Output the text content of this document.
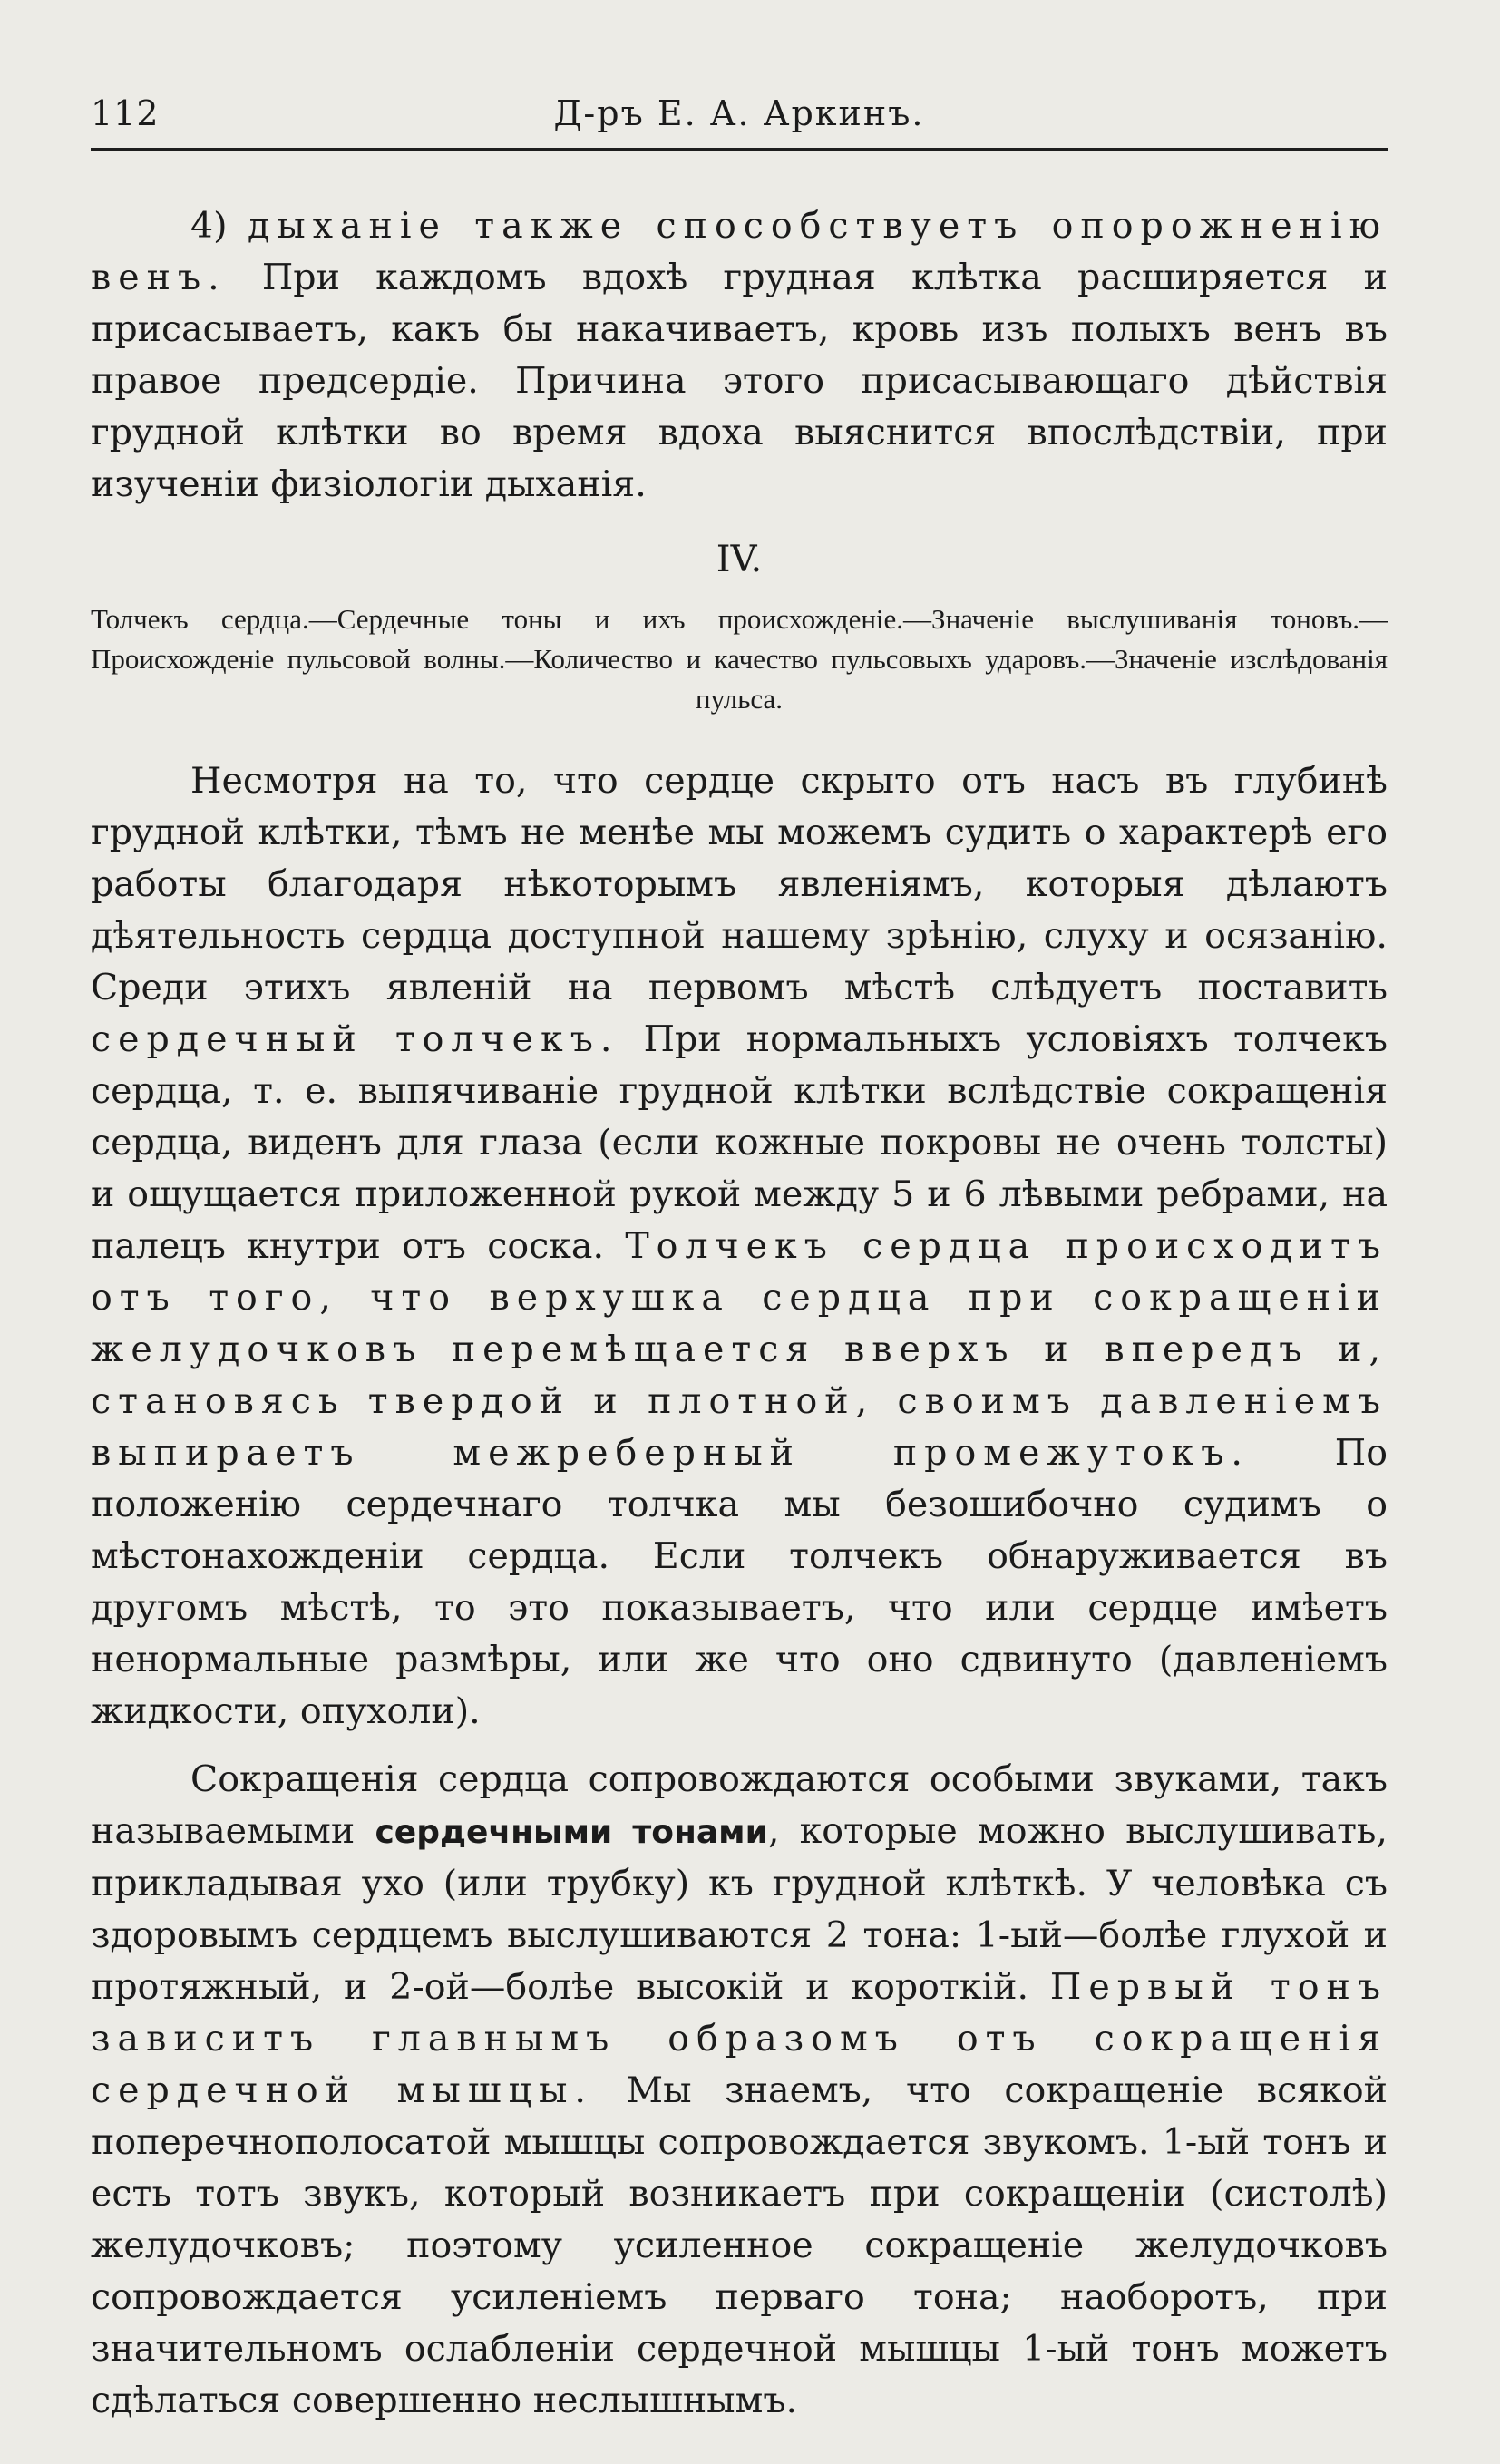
112	Д-ръ Е. А. Аркинъ.

4) дыханіе также способствуетъ опорожненію венъ. При каждомъ вдохѣ грудная клѣтка расширяется и присасываетъ, какъ бы накачиваетъ, кровь изъ полыхъ венъ въ правое предсердіе. Причина этого присасывающаго дѣйствія грудной клѣтки во время вдоха выяснится впослѣдствіи, при изученіи физіологіи дыханія.

IV.
Толчекъ сердца.—Сердечные тоны и ихъ происхожденіе.—Значеніе выслушиванія тоновъ.—Происхожденіе пульсовой волны.—Количество и качество пульсовыхъ ударовъ.—Значеніе изслѣдованія пульса.

Несмотря на то, что сердце скрыто отъ насъ въ глубинѣ грудной клѣтки, тѣмъ не менѣе мы можемъ судить о характерѣ его работы благодаря нѣкоторымъ явленіямъ, которыя дѣлаютъ дѣятельность сердца доступной нашему зрѣнію, слуху и осязанію. Среди этихъ явленій на первомъ мѣстѣ слѣдуетъ поставить сердечный толчекъ. При нормальныхъ условіяхъ толчекъ сердца, т. е. выпячиваніе грудной клѣтки вслѣдствіе сокращенія сердца, виденъ для глаза (если кожные покровы не очень толсты) и ощущается приложенной рукой между 5 и 6 лѣвыми ребрами, на палецъ кнутри отъ соска. Толчекъ сердца происходитъ отъ того, что верхушка сердца при сокращеніи желудочковъ перемѣщается вверхъ и впередъ и, становясь твердой и плотной, своимъ давленіемъ выпираетъ межреберный промежутокъ. По положенію сердечнаго толчка мы безошибочно судимъ о мѣстонахожденіи сердца. Если толчекъ обнаруживается въ другомъ мѣстѣ, то это показываетъ, что или сердце имѣетъ ненормальные размѣры, или же что оно сдвинуто (давленіемъ жидкости, опухоли).

Сокращенія сердца сопровождаются особыми звуками, такъ называемыми сердечными тонами, которые можно выслушивать, прикладывая ухо (или трубку) къ грудной клѣткѣ. У человѣка съ здоровымъ сердцемъ выслушиваются 2 тона: 1-ый—болѣе глухой и протяжный, и 2-ой—болѣе высокій и короткій. Первый тонъ зависитъ главнымъ образомъ отъ сокращенія сердечной мышцы. Мы знаемъ, что сокращеніе всякой поперечнополосатой мышцы сопровождается звукомъ. 1-ый тонъ и есть тотъ звукъ, который возникаетъ при сокращеніи (систолѣ) желудочковъ; поэтому усиленное сокращеніе желудочковъ сопровождается усиленіемъ перваго тона; наоборотъ, при значительномъ ослабленіи сердечной мышцы 1-ый тонъ можетъ сдѣлаться совершенно неслышнымъ.
